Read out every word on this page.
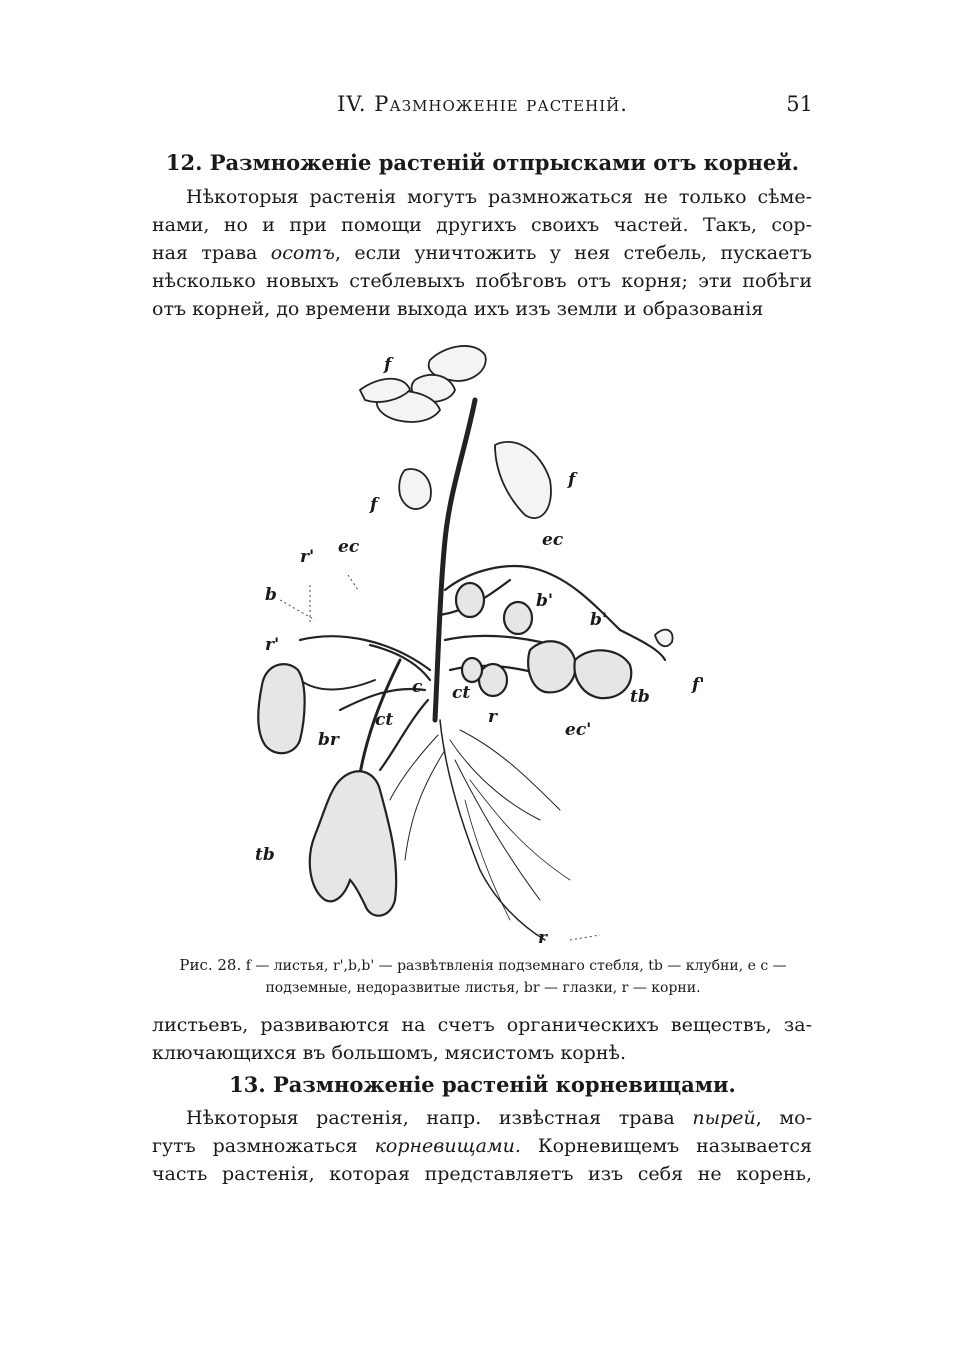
IV. Размноженіе растеній.	51
12. Размноженіе растеній отпрысками отъ корней.
Нѣкоторыя растенія могутъ размножаться не только сѣме-
нами, но и при помощи другихъ своихъ частей. Такъ, сор-
ная трава осотъ, если уничтожить у нея стебель, пускаетъ
нѣсколько новыхъ стеблевыхъ побѣговъ отъ корня; эти побѣги
отъ корней, до времени выхода ихъ изъ земли и образованія
f
f
f
f'
r' ec	ec
ec'
b	b'
b'
r'
c ct
ct	r
br
tb
tb
r
Рис. 28. f — листья, r',b,b' — развѣтвленія подземнаго стебля, tb — клубни, e c —
подземные, недоразвитые листья, br — глазки, r — корни.
листьевъ, развиваются на счетъ органическихъ веществъ, за-
ключающихся въ большомъ, мясистомъ корнѣ.
13. Размноженіе растеній корневищами.
Нѣкоторыя растенія, напр. извѣстная трава пырей, мо-
гутъ размножаться корневищами. Корневищемъ называется
часть растенія, которая представляетъ изъ себя не корень,
